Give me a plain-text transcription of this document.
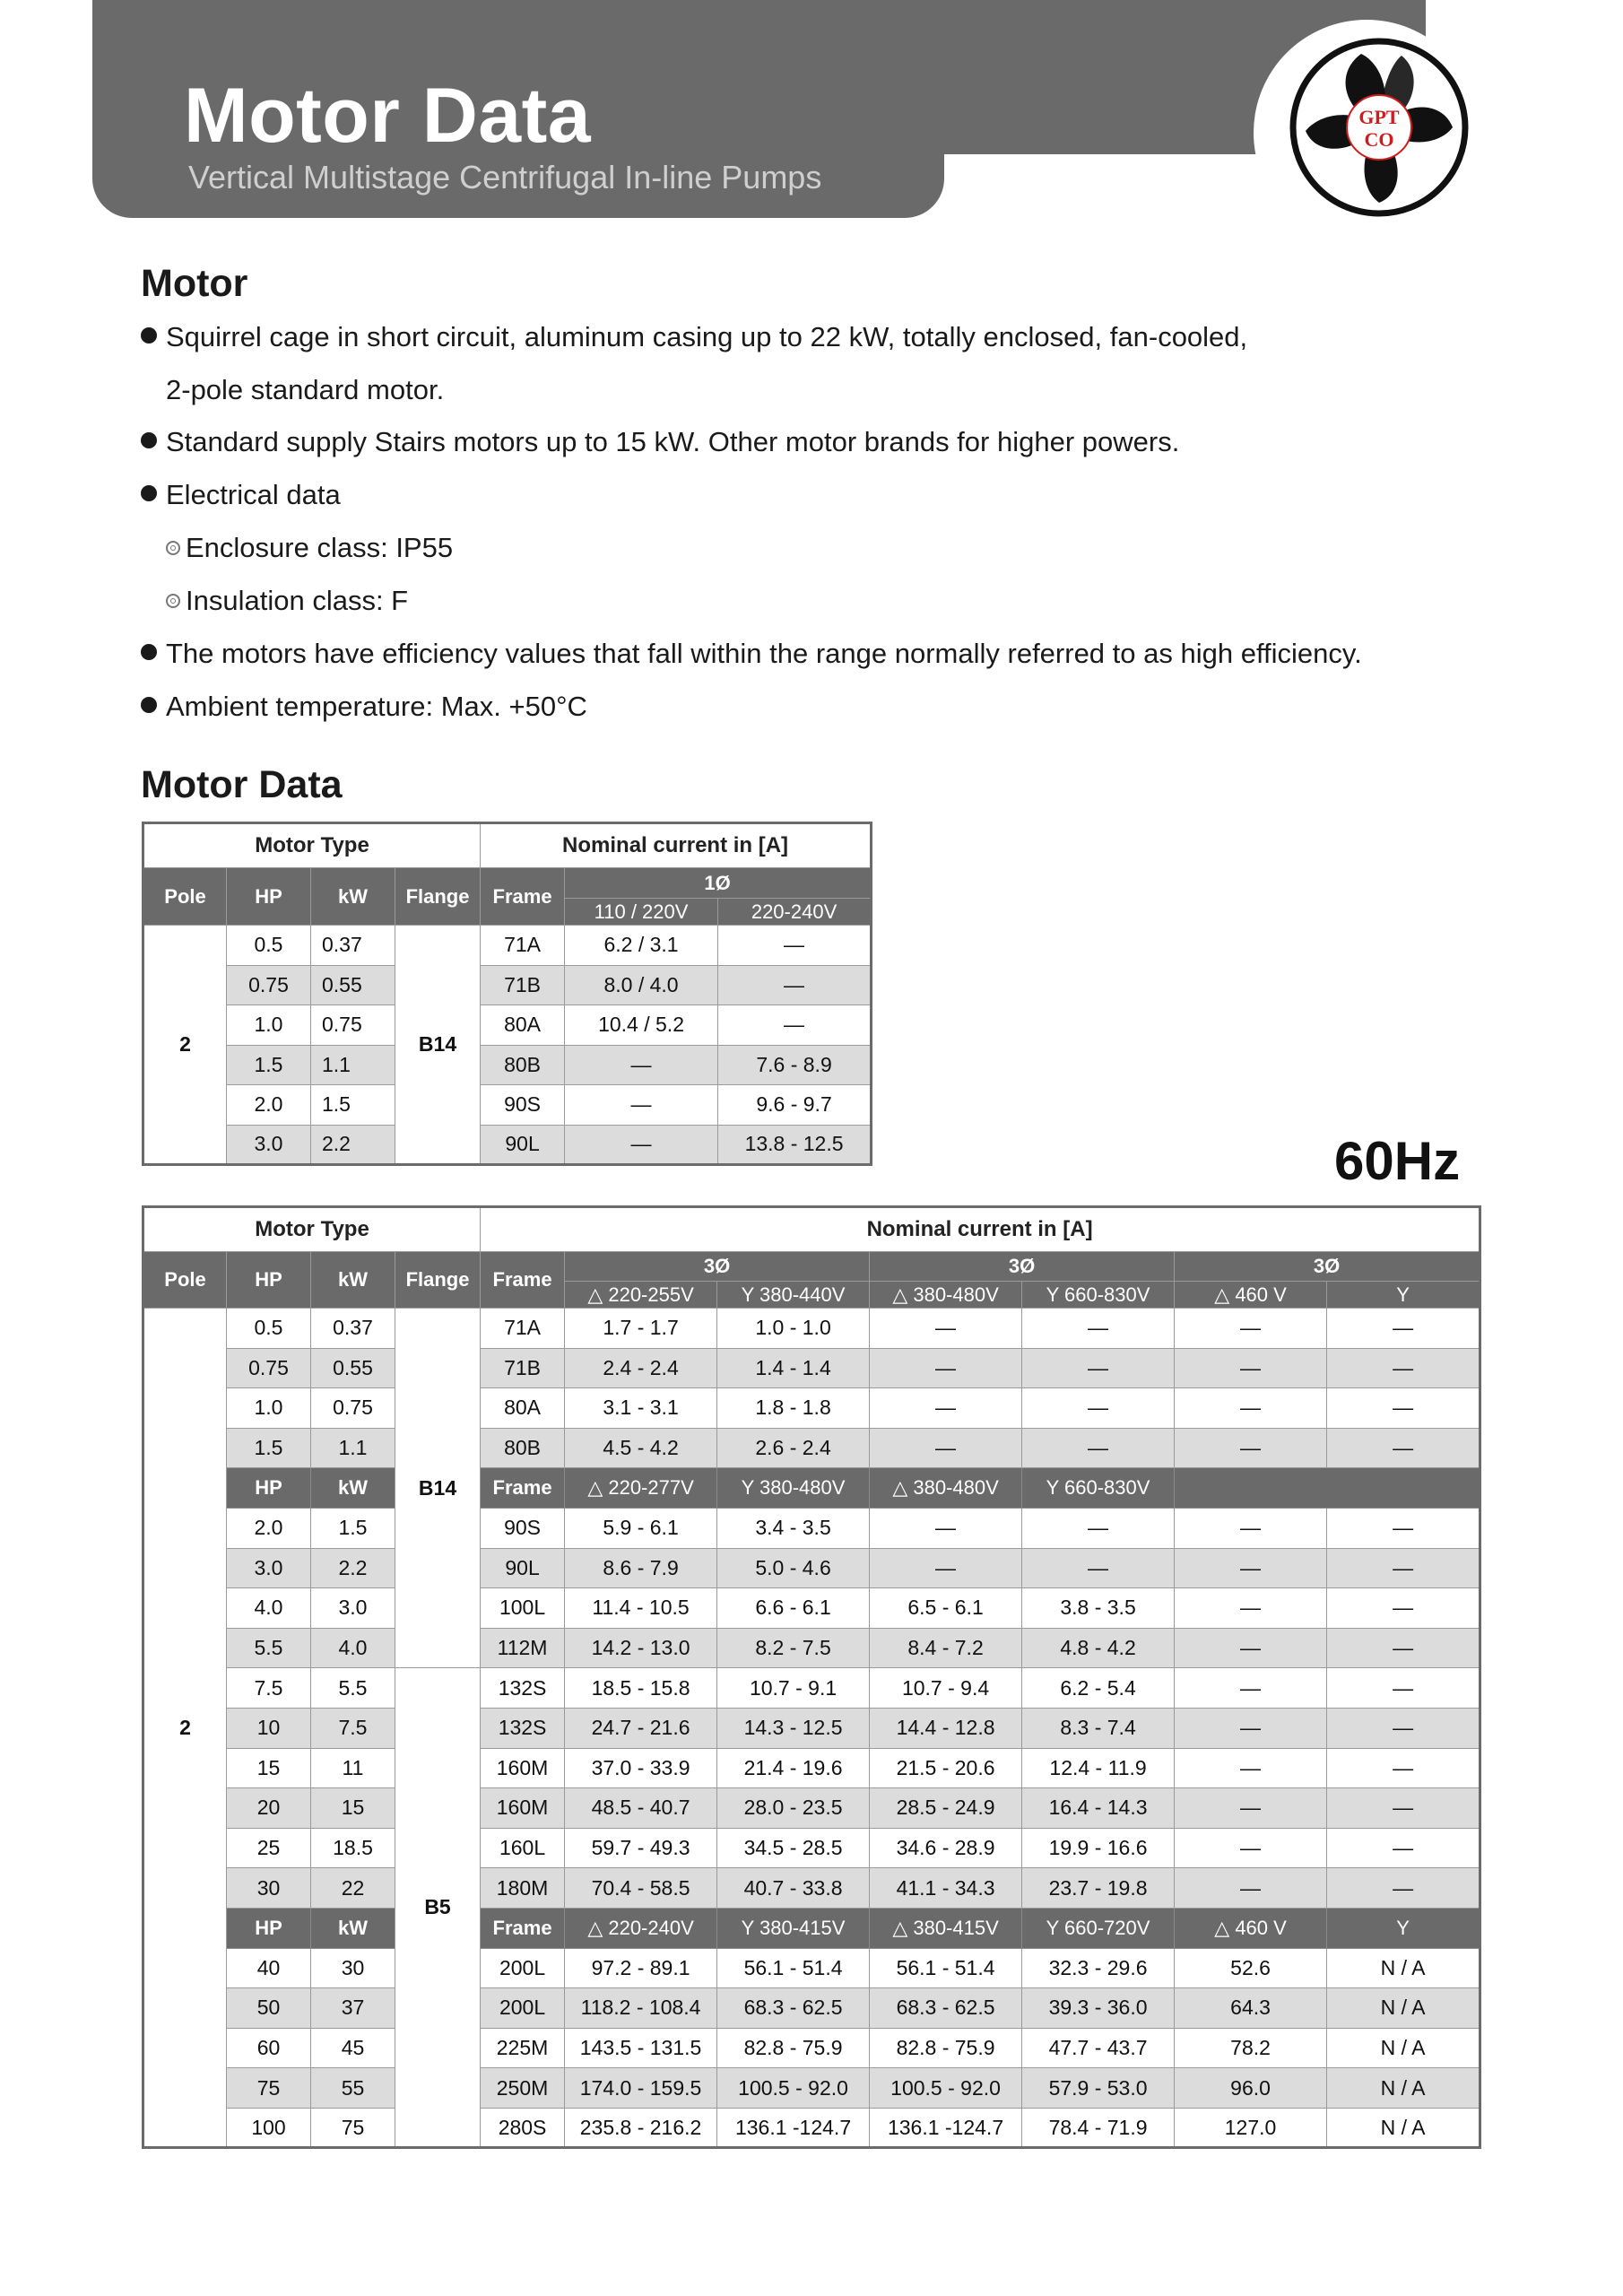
Motor Data
Vertical Multistage Centrifugal In-line Pumps
GPT
CO
Motor
Squirrel cage in short circuit, aluminum casing up to 22 kW, totally enclosed, fan-cooled,
2-pole standard motor.
Standard supply Stairs motors up to 15 kW. Other motor brands for higher powers.
Electrical data
Enclosure class: IP55
Insulation class: F
The motors have efficiency values that fall within the range normally referred to as high efficiency.
Ambient temperature: Max. +50°C
Motor Data
Motor Type				Nominal current in [A]		
Pole	HP	kW	Flange	Frame	1Ø	
					110 / 220V	220-240V
2	0.5	0.37	B14	71A	6.2 / 3.1	—
	0.75	0.55		71B	8.0 / 4.0	—
	1.0	0.75		80A	10.4 / 5.2	—
	1.5	1.1		80B	—	7.6 - 8.9
	2.0	1.5		90S	—	9.6 - 9.7
	3.0	2.2		90L	—	13.8 - 12.5	60Hz
Motor Type				Nominal current in [A]						
Pole	HP	kW	Flange	Frame	3Ø		3Ø		3Ø	
					△ 220-255V	Y 380-440V	△ 380-480V	Y 660-830V	△ 460 V	Y
2	0.5	0.37	B14	71A	1.7 - 1.7	1.0 - 1.0	—	—	—	—
	0.75	0.55		71B	2.4 - 2.4	1.4 - 1.4	—	—	—	—
	1.0	0.75		80A	3.1 - 3.1	1.8 - 1.8	—	—	—	—
	1.5	1.1		80B	4.5 - 4.2	2.6 - 2.4	—	—	—	—
	HP	kW		Frame	△ 220-277V	Y 380-480V	△ 380-480V	Y 660-830V		
	2.0	1.5		90S	5.9 - 6.1	3.4 - 3.5	—	—	—	—
	3.0	2.2		90L	8.6 - 7.9	5.0 - 4.6	—	—	—	—
	4.0	3.0		100L	11.4 - 10.5	6.6 - 6.1	6.5 - 6.1	3.8 - 3.5	—	—
	5.5	4.0		112M	14.2 - 13.0	8.2 - 7.5	8.4 - 7.2	4.8 - 4.2	—	—
	7.5	5.5	B5	132S	18.5 - 15.8	10.7 - 9.1	10.7 - 9.4	6.2 - 5.4	—	—
	10	7.5		132S	24.7 - 21.6	14.3 - 12.5	14.4 - 12.8	8.3 - 7.4	—	—
	15	11		160M	37.0 - 33.9	21.4 - 19.6	21.5 - 20.6	12.4 - 11.9	—	—
	20	15		160M	48.5 - 40.7	28.0 - 23.5	28.5 - 24.9	16.4 - 14.3	—	—
	25	18.5		160L	59.7 - 49.3	34.5 - 28.5	34.6 - 28.9	19.9 - 16.6	—	—
	30	22		180M	70.4 - 58.5	40.7 - 33.8	41.1 - 34.3	23.7 - 19.8	—	—
	HP	kW		Frame	△ 220-240V	Y 380-415V	△ 380-415V	Y 660-720V	△ 460 V	Y
	40	30		200L	97.2 - 89.1	56.1 - 51.4	56.1 - 51.4	32.3 - 29.6	52.6	N / A
	50	37		200L	118.2 - 108.4	68.3 - 62.5	68.3 - 62.5	39.3 - 36.0	64.3	N / A
	60	45		225M	143.5 - 131.5	82.8 - 75.9	82.8 - 75.9	47.7 - 43.7	78.2	N / A
	75	55		250M	174.0 - 159.5	100.5 - 92.0	100.5 - 92.0	57.9 - 53.0	96.0	N / A
	100	75		280S	235.8 - 216.2	136.1 -124.7	136.1 -124.7	78.4 - 71.9	127.0	N / A
